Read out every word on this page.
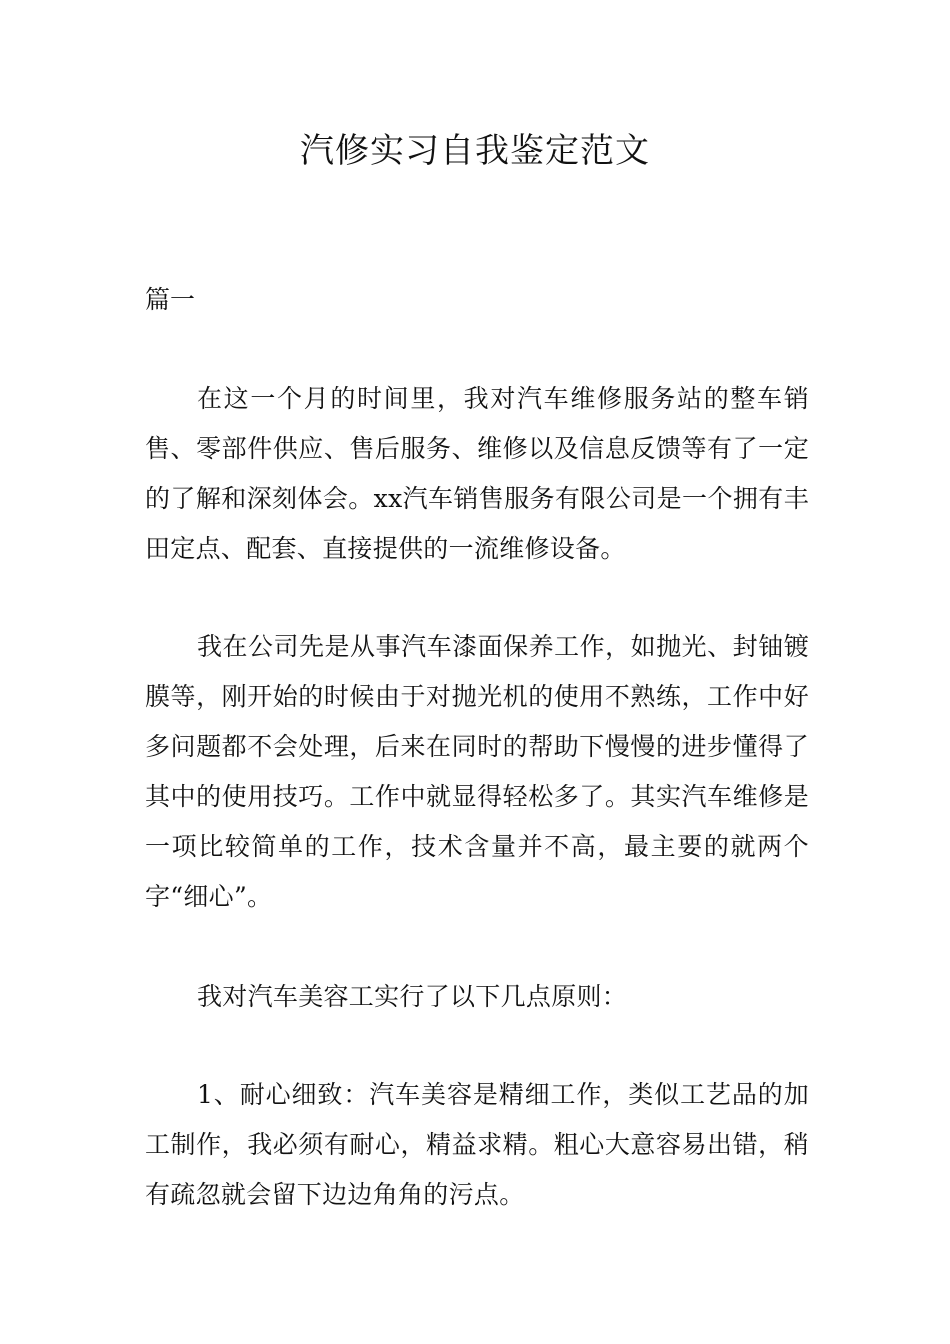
汽修实习自我鉴定范文

篇一

在这一个月的时间里，我对汽车维修服务站的整车销售、零部件供应、售后服务、维修以及信息反馈等有了一定的了解和深刻体会。xx汽车销售服务有限公司是一个拥有丰田定点、配套、直接提供的一流维修设备。

我在公司先是从事汽车漆面保养工作，如抛光、封铀镀膜等，刚开始的时候由于对抛光机的使用不熟练，工作中好多问题都不会处理，后来在同时的帮助下慢慢的进步懂得了其中的使用技巧。工作中就显得轻松多了。其实汽车维修是一项比较简单的工作，技术含量并不高，最主要的就两个字“细心”。

我对汽车美容工实行了以下几点原则：

1、耐心细致：汽车美容是精细工作，类似工艺品的加工制作，我必须有耐心，精益求精。粗心大意容易出错，稍有疏忽就会留下边边角角的污点。
